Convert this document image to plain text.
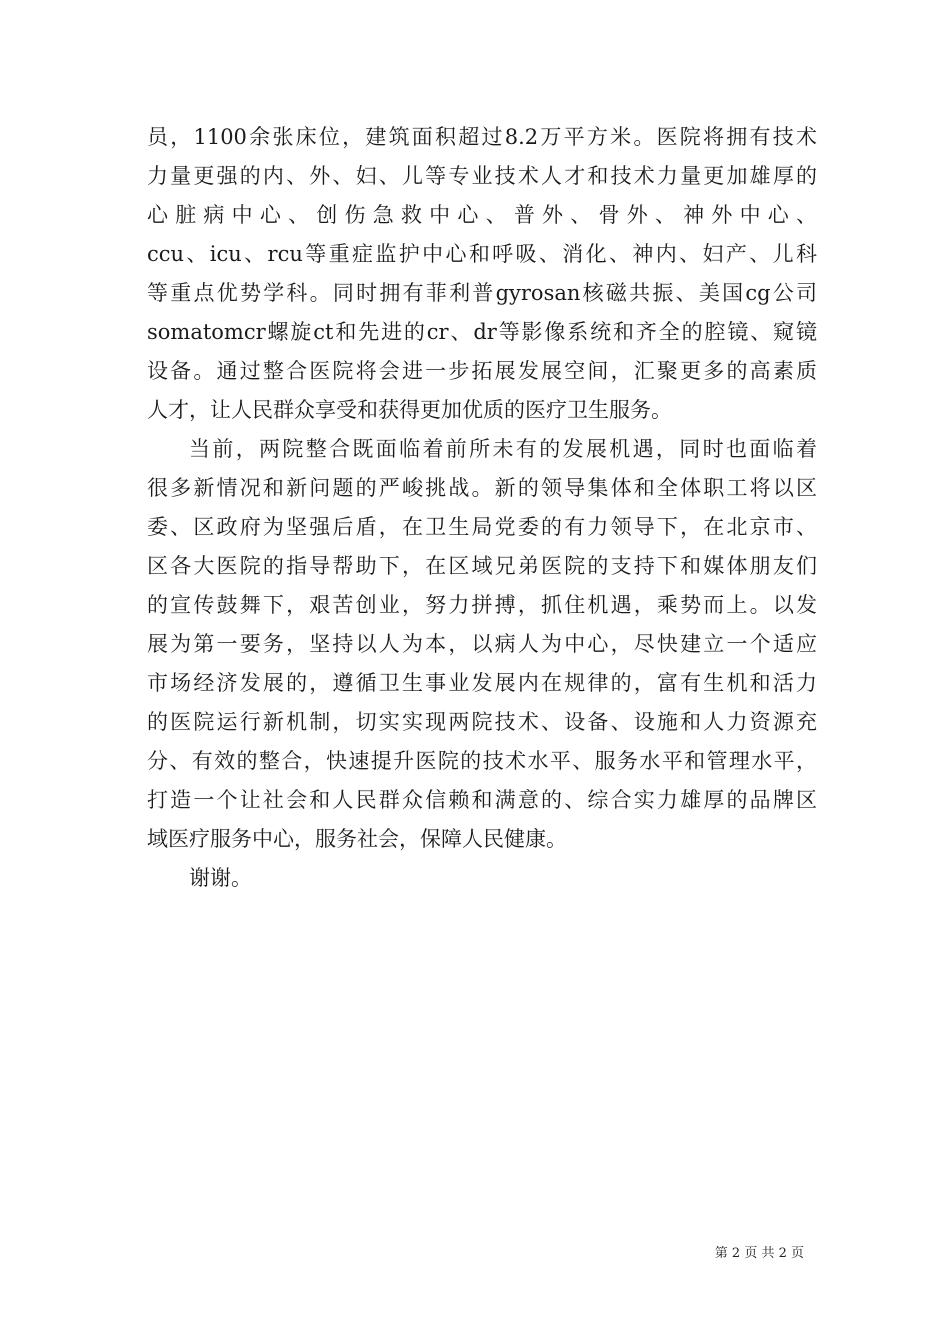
员，1100余张床位，建筑面积超过8.2万平方米。医院将拥有技术
力量更强的内、外、妇、儿等专业技术人才和技术力量更加雄厚的
心脏病中心、创伤急救中心、普外、骨外、神外中心、
ccu、icu、rcu等重症监护中心和呼吸、消化、神内、妇产、儿科
等重点优势学科。同时拥有菲利普gyrosan核磁共振、美国cg公司
somatomcr螺旋ct和先进的cr、dr等影像系统和齐全的腔镜、窥镜
设备。通过整合医院将会进一步拓展发展空间，汇聚更多的高素质
人才，让人民群众享受和获得更加优质的医疗卫生服务。
当前，两院整合既面临着前所未有的发展机遇，同时也面临着
很多新情况和新问题的严峻挑战。新的领导集体和全体职工将以区
委、区政府为坚强后盾，在卫生局党委的有力领导下，在北京市、
区各大医院的指导帮助下，在区域兄弟医院的支持下和媒体朋友们
的宣传鼓舞下，艰苦创业，努力拼搏，抓住机遇，乘势而上。以发
展为第一要务，坚持以人为本，以病人为中心，尽快建立一个适应
市场经济发展的，遵循卫生事业发展内在规律的，富有生机和活力
的医院运行新机制，切实实现两院技术、设备、设施和人力资源充
分、有效的整合，快速提升医院的技术水平、服务水平和管理水平，
打造一个让社会和人民群众信赖和满意的、综合实力雄厚的品牌区
域医疗服务中心，服务社会，保障人民健康。
谢谢。
第 2 页 共 2 页
